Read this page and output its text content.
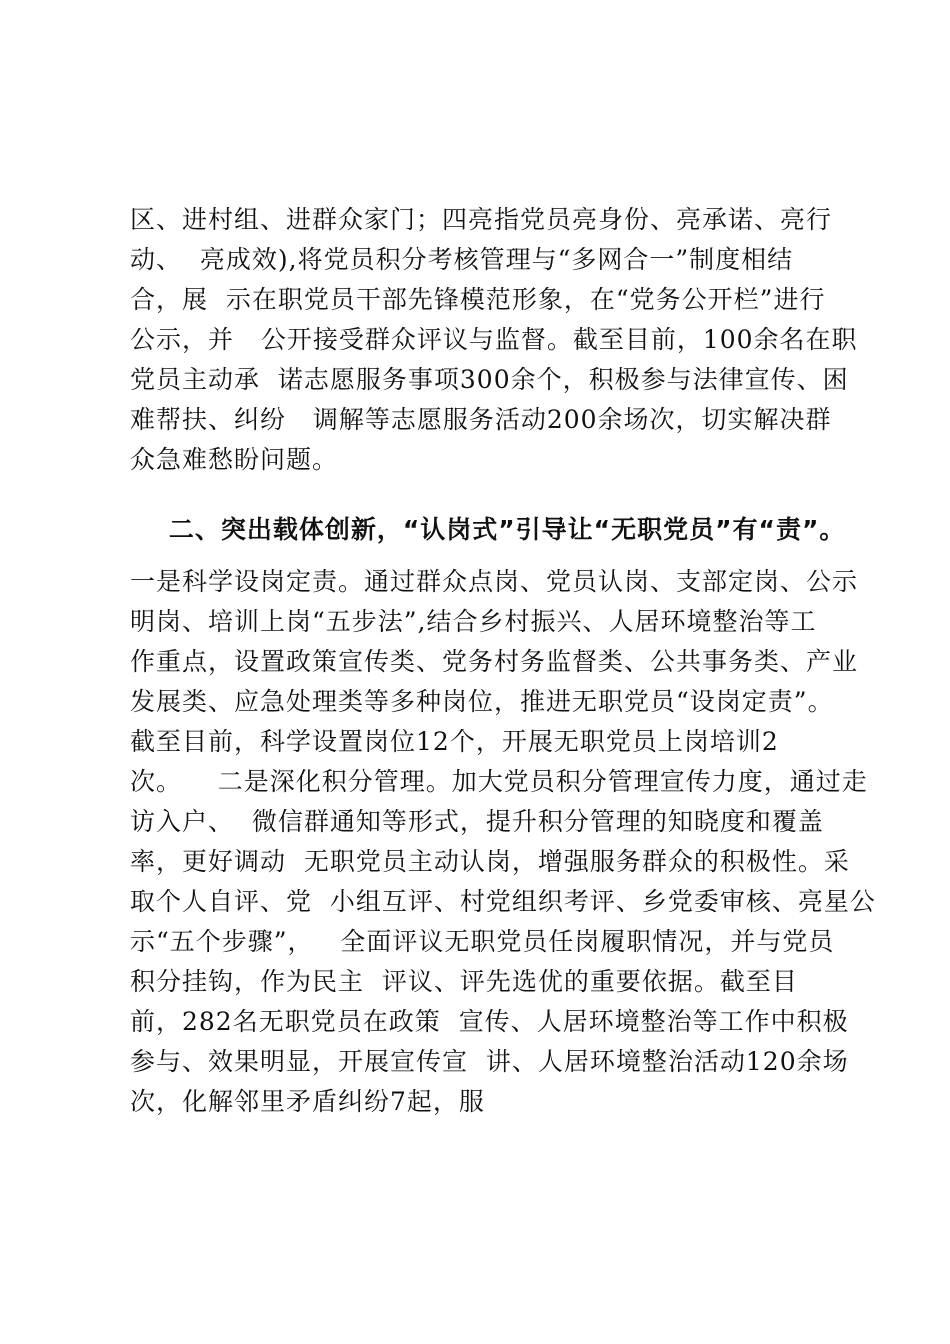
区、进村组、进群众家门；四亮指党员亮身份、亮承诺、亮行
动、  亮成效),将党员积分考核管理与“多网合一”制度相结
合，展  示在职党员干部先锋模范形象，在“党务公开栏”进行
公示，并   公开接受群众评议与监督。截至目前，100余名在职
党员主动承  诺志愿服务事项300余个，积极参与法律宣传、困
难帮扶、纠纷   调解等志愿服务活动200余场次，切实解决群
众急难愁盼问题。
二、突出载体创新，“认岗式”引导让“无职党员”有“责”。
一是科学设岗定责。通过群众点岗、党员认岗、支部定岗、公示
明岗、培训上岗“五步法”,结合乡村振兴、人居环境整治等工
作重点，设置政策宣传类、党务村务监督类、公共事务类、产业
发展类、应急处理类等多种岗位，推进无职党员“设岗定责”。
截至目前，科学设置岗位12个，开展无职党员上岗培训2
次。    二是深化积分管理。加大党员积分管理宣传力度，通过走
访入户、  微信群通知等形式，提升积分管理的知晓度和覆盖
率，更好调动  无职党员主动认岗，增强服务群众的积极性。采
取个人自评、党  小组互评、村党组织考评、乡党委审核、亮星公
示“五个步骤”，   全面评议无职党员任岗履职情况，并与党员
积分挂钩，作为民主  评议、评先选优的重要依据。截至目
前，282名无职党员在政策  宣传、人居环境整治等工作中积极
参与、效果明显，开展宣传宣  讲、人居环境整治活动120余场
次，化解邻里矛盾纠纷7起，服
